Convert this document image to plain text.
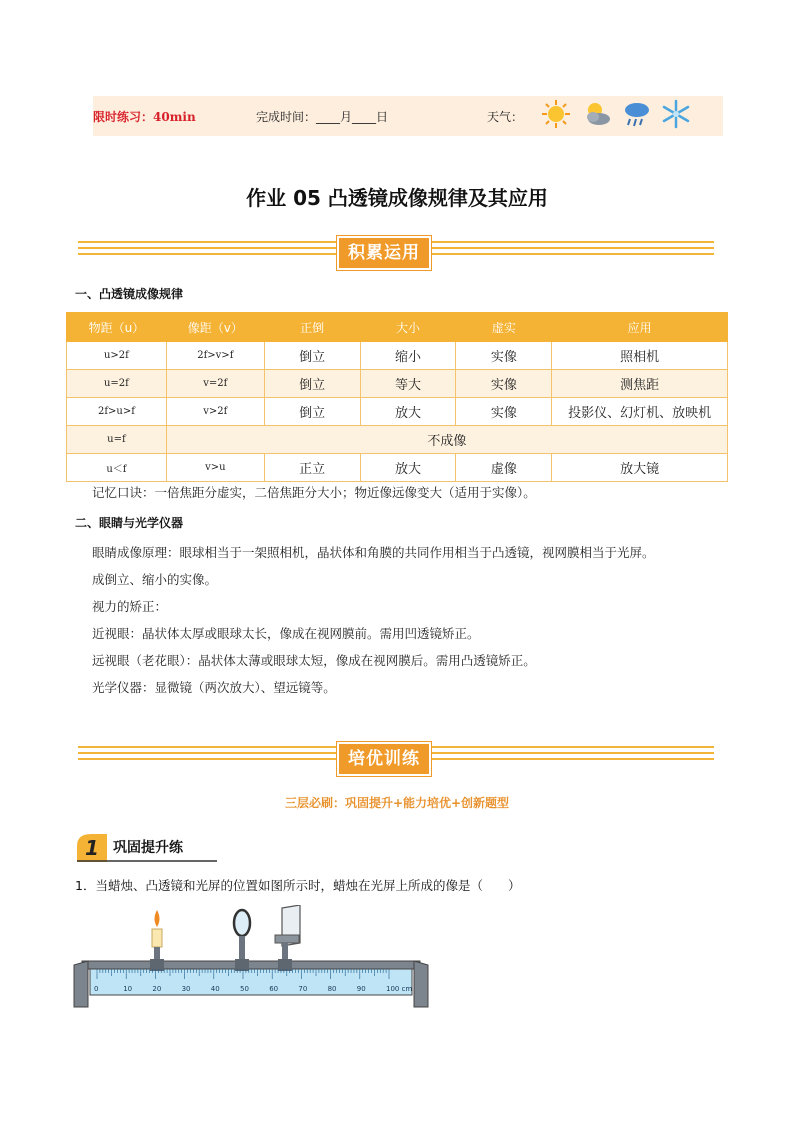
限时练习：40min	完成时间：____月____日	天气：
作业 05 凸透镜成像规律及其应用
积累运用
一、凸透镜成像规律
物距（u）	像距（v）	正倒	大小	虚实	应用
u>2f	2f>v>f	倒立	缩小	实像	照相机
u=2f	v=2f	倒立	等大	实像	测焦距
2f>u>f	v>2f	倒立	放大	实像	投影仪、幻灯机、放映机
u=f	不成像				
u＜f	v>u	正立	放大	虚像	放大镜
记忆口诀：一倍焦距分虚实，二倍焦距分大小；物近像远像变大（适用于实像）。
二、眼睛与光学仪器
眼睛成像原理：眼球相当于一架照相机，晶状体和角膜的共同作用相当于凸透镜，视网膜相当于光屏。
成倒立、缩小的实像。
视力的矫正：
近视眼：晶状体太厚或眼球太长，像成在视网膜前。需用凹透镜矫正。
远视眼（老花眼）：晶状体太薄或眼球太短，像成在视网膜后。需用凸透镜矫正。
光学仪器：显微镜（两次放大）、望远镜等。
培优训练
三层必刷：巩固提升+能力培优+创新题型
1 巩固提升练
1．当蜡烛、凸透镜和光屏的位置如图所示时，蜡烛在光屏上所成的像是（　　）
0	10	20	30	40	50	60	70	80	90	100 cm
